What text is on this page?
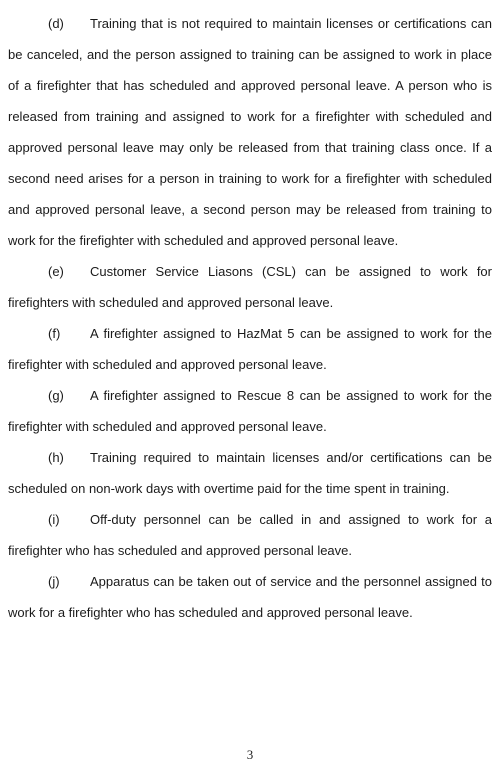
(d) Training that is not required to maintain licenses or certifications can be canceled, and the person assigned to training can be assigned to work in place of a firefighter that has scheduled and approved personal leave. A person who is released from training and assigned to work for a firefighter with scheduled and approved personal leave may only be released from that training class once. If a second need arises for a person in training to work for a firefighter with scheduled and approved personal leave, a second person may be released from training to work for the firefighter with scheduled and approved personal leave.

(e) Customer Service Liasons (CSL) can be assigned to work for firefighters with scheduled and approved personal leave.

(f) A firefighter assigned to HazMat 5 can be assigned to work for the firefighter with scheduled and approved personal leave.

(g) A firefighter assigned to Rescue 8 can be assigned to work for the firefighter with scheduled and approved personal leave.

(h) Training required to maintain licenses and/or certifications can be scheduled on non-work days with overtime paid for the time spent in training.

(i) Off-duty personnel can be called in and assigned to work for a firefighter who has scheduled and approved personal leave.

(j) Apparatus can be taken out of service and the personnel assigned to work for a firefighter who has scheduled and approved personal leave.

3
